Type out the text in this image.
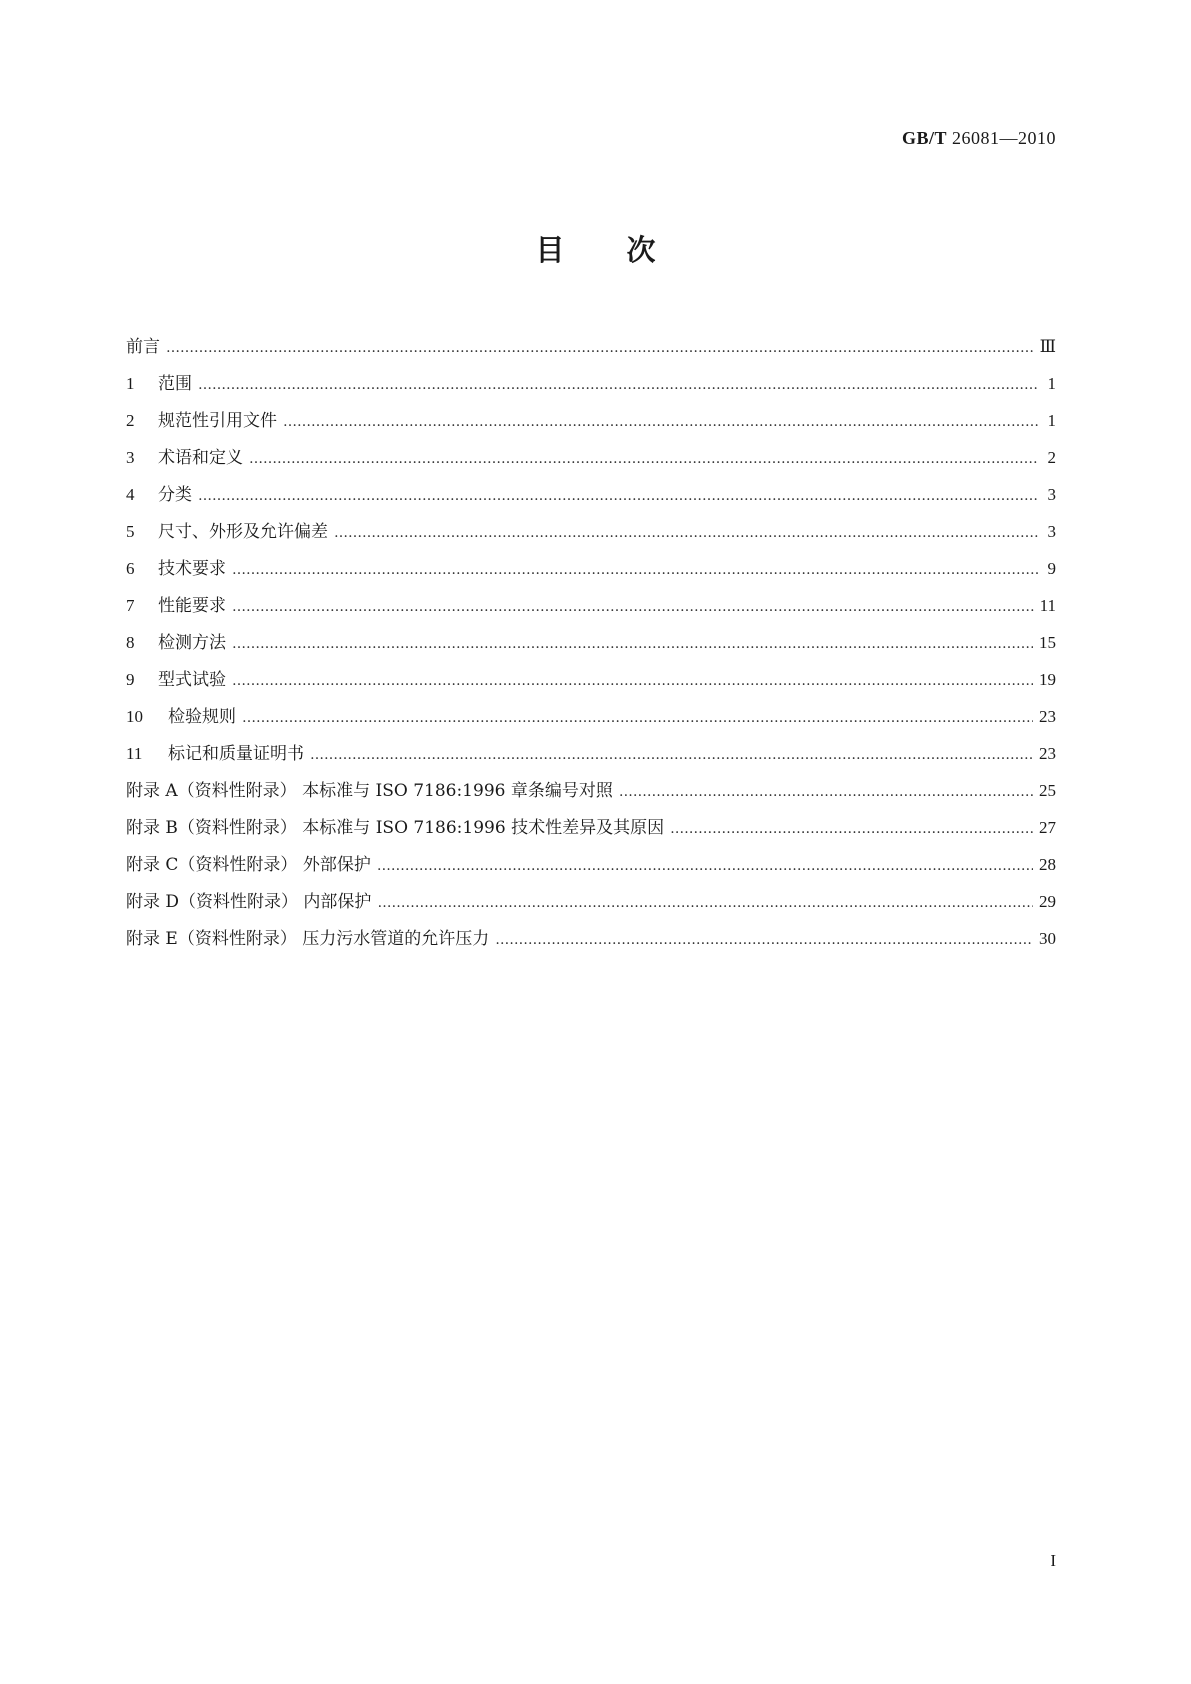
GB/T 26081—2010
目次
前言 ……………………………………………………………………………………………………………………………………………………………………………………………………………………	Ⅲ
1 范围 ……………………………………………………………………………………………………………………………………………………………………………………………………………………	1
2 规范性引用文件 ……………………………………………………………………………………………………………………………………………………………………………………………………………………	1
3 术语和定义 ……………………………………………………………………………………………………………………………………………………………………………………………………………………	2
4 分类 ……………………………………………………………………………………………………………………………………………………………………………………………………………………	3
5 尺寸、外形及允许偏差 ……………………………………………………………………………………………………………………………………………………………………………………………………………………	3
6 技术要求 ……………………………………………………………………………………………………………………………………………………………………………………………………………………	9
7 性能要求 ……………………………………………………………………………………………………………………………………………………………………………………………………………………	11
8 检测方法 ……………………………………………………………………………………………………………………………………………………………………………………………………………………	15
9 型式试验 ……………………………………………………………………………………………………………………………………………………………………………………………………………………	19
10 检验规则 ……………………………………………………………………………………………………………………………………………………………………………………………………………………	23
11 标记和质量证明书 ……………………………………………………………………………………………………………………………………………………………………………………………………………………	23
附录 A（资料性附录） 本标准与 ISO 7186:1996 章条编号对照 ……………………………………………………………………………………………………………………………………………………………………………………………………………………	25
附录 B（资料性附录） 本标准与 ISO 7186:1996 技术性差异及其原因 ……………………………………………………………………………………………………………………………………………………………………………………………………………………	27
附录 C（资料性附录） 外部保护 ……………………………………………………………………………………………………………………………………………………………………………………………………………………	28
附录 D（资料性附录） 内部保护 ……………………………………………………………………………………………………………………………………………………………………………………………………………………	29
附录 E（资料性附录） 压力污水管道的允许压力 ……………………………………………………………………………………………………………………………………………………………………………………………………………………	30
I
